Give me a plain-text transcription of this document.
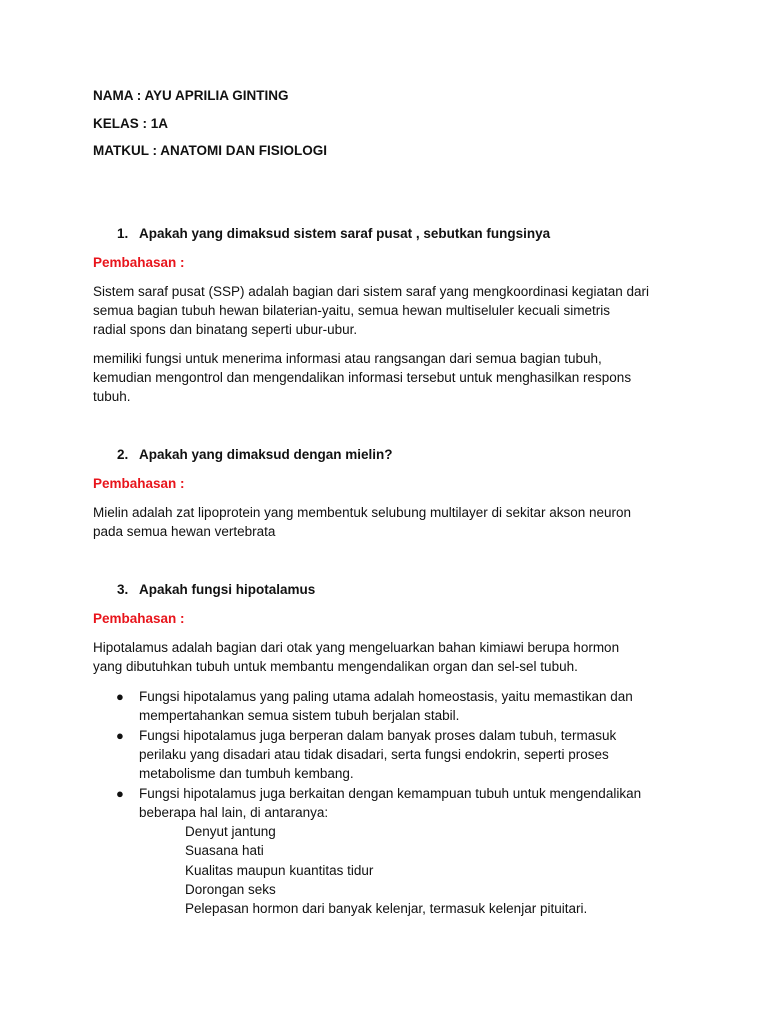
NAMA : AYU APRILIA GINTING
KELAS : 1A
MATKUL : ANATOMI DAN FISIOLOGI
1. Apakah yang dimaksud sistem saraf pusat , sebutkan fungsinya
Pembahasan :
Sistem saraf pusat (SSP) adalah bagian dari sistem saraf yang mengkoordinasi kegiatan dari
semua bagian tubuh hewan bilaterian-yaitu, semua hewan multiseluler kecuali simetris
radial spons dan binatang seperti ubur-ubur.
memiliki fungsi untuk menerima informasi atau rangsangan dari semua bagian tubuh,
kemudian mengontrol dan mengendalikan informasi tersebut untuk menghasilkan respons
tubuh.
2. Apakah yang dimaksud dengan mielin?
Pembahasan :
Mielin adalah zat lipoprotein yang membentuk selubung multilayer di sekitar akson neuron
pada semua hewan vertebrata
3. Apakah fungsi hipotalamus
Pembahasan :
Hipotalamus adalah bagian dari otak yang mengeluarkan bahan kimiawi berupa hormon
yang dibutuhkan tubuh untuk membantu mengendalikan organ dan sel-sel tubuh.
● Fungsi hipotalamus yang paling utama adalah homeostasis, yaitu memastikan dan
mempertahankan semua sistem tubuh berjalan stabil.
● Fungsi hipotalamus juga berperan dalam banyak proses dalam tubuh, termasuk
perilaku yang disadari atau tidak disadari, serta fungsi endokrin, seperti proses
metabolisme dan tumbuh kembang.
● Fungsi hipotalamus juga berkaitan dengan kemampuan tubuh untuk mengendalikan
beberapa hal lain, di antaranya:
Denyut jantung
Suasana hati
Kualitas maupun kuantitas tidur
Dorongan seks
Pelepasan hormon dari banyak kelenjar, termasuk kelenjar pituitari.
